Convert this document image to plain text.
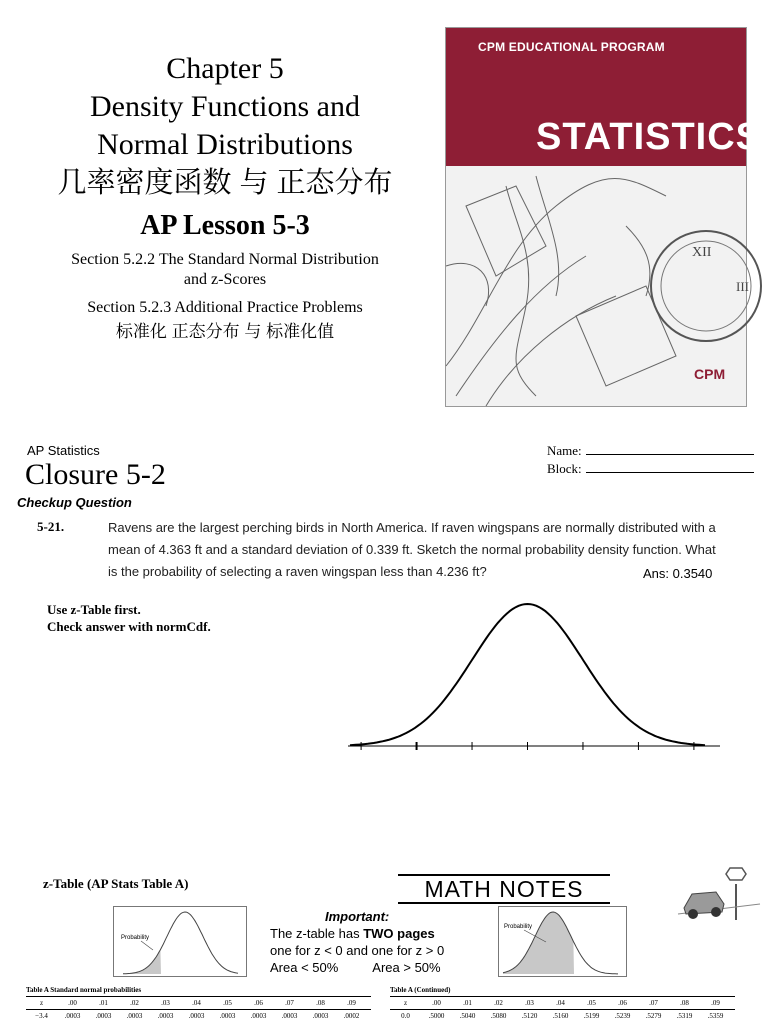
Chapter 5
Density Functions and
Normal Distributions
几率密度函数 与 正态分布
AP Lesson 5-3
Section 5.2.2 The Standard Normal Distribution
and z-Scores
Section 5.2.3 Additional Practice Problems
标准化 正态分布 与 标准化值
CPM EDUCATIONAL PROGRAM
STATISTICS
XII
III
CPM
AP Statistics
Closure 5-2
Checkup Question
Name:
Block:
5-21.	Ravens are the largest perching birds in North America. If raven wingspans are normally distributed with a mean of 4.363 ft and a standard deviation of 0.339 ft. Sketch the normal probability density function. What is the probability of selecting a raven wingspan less than 4.236 ft?	Ans: 0.3540
Use z-Table first.
Check answer with normCdf.
z-Table (AP Stats Table A)	MATH NOTES
Probability
Important:
The z-table has TWO pages
one for z < 0 and one for z > 0
Area < 50%	Area > 50%
Probability
Table A Standard normal probabilities
z	.00	.01	.02	.03	.04	.05	.06	.07	.08	.09
−3.4	.0003	.0003	.0003	.0003	.0003	.0003	.0003	.0003	.0003	.0002
Table A (Continued)
z	.00	.01	.02	.03	.04	.05	.06	.07	.08	.09
0.0	.5000	.5040	.5080	.5120	.5160	.5199	.5239	.5279	.5319	.5359
